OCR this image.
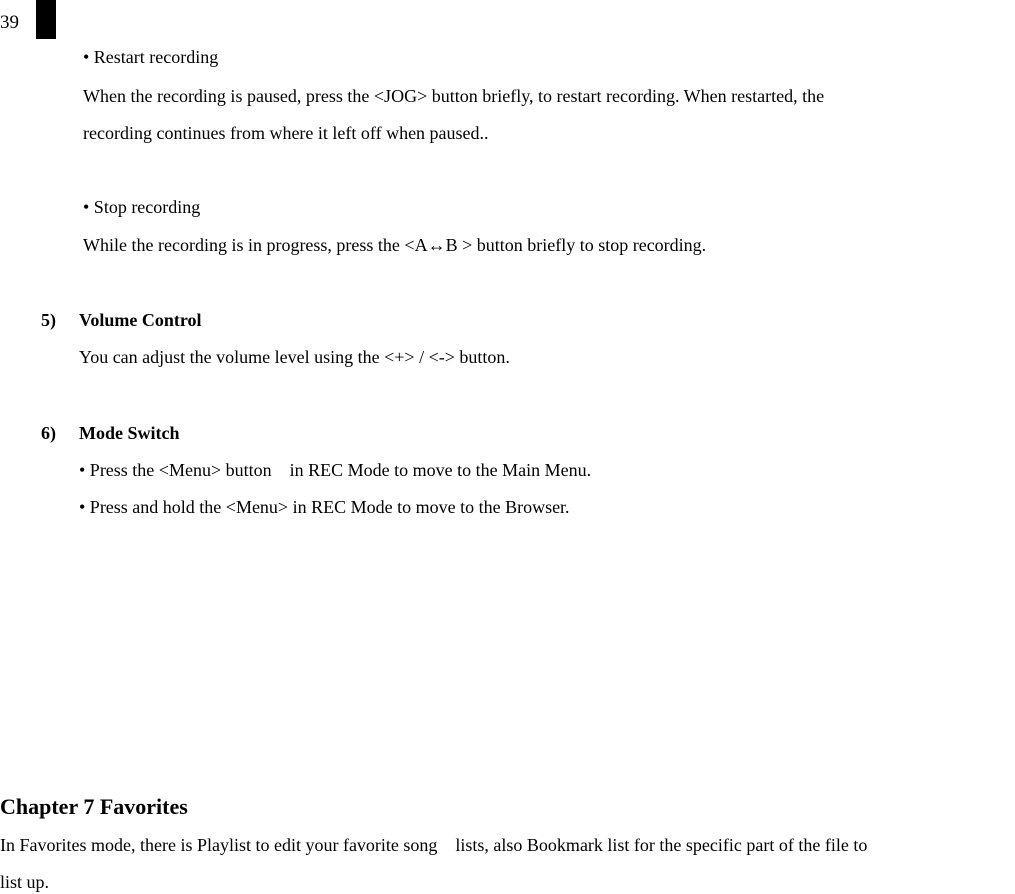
39
• Restart recording
When the recording is paused, press the <JOG> button briefly, to restart recording. When restarted, the
recording continues from where it left off when paused..
• Stop recording
While the recording is in progress, press the <A↔B > button briefly to stop recording.
5) Volume Control
You can adjust the volume level using the <+> / <-> button.
6) Mode Switch
• Press the <Menu> button    in REC Mode to move to the Main Menu.
• Press and hold the <Menu> in REC Mode to move to the Browser.
Chapter 7 Favorites
In Favorites mode, there is Playlist to edit your favorite song    lists, also Bookmark list for the specific part of the file to
list up.
